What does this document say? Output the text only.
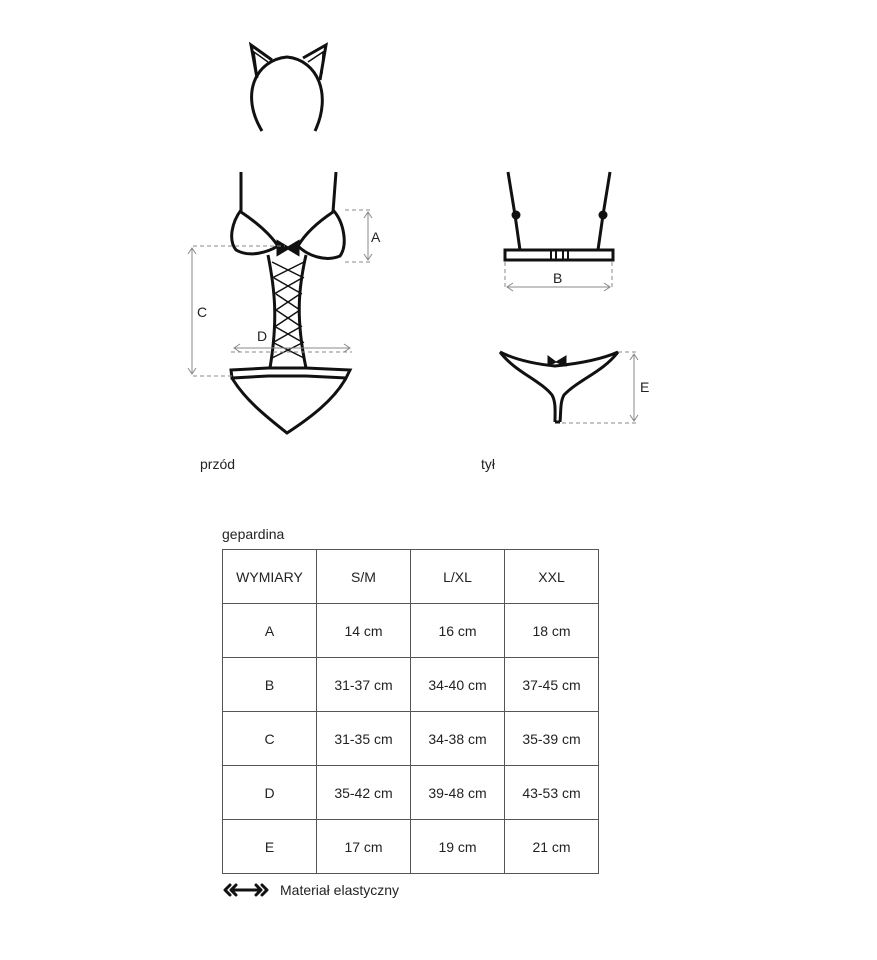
A
C
D
B
E
przód	tył
gepardina
WYMIARY	S/M	L/XL	XXL
A	14 cm	16 cm	18 cm
B	31-37 cm	34-40 cm	37-45 cm
C	31-35 cm	34-38 cm	35-39 cm
D	35-42 cm	39-48 cm	43-53 cm
E	17 cm	19 cm	21 cm
Materiał elastyczny
